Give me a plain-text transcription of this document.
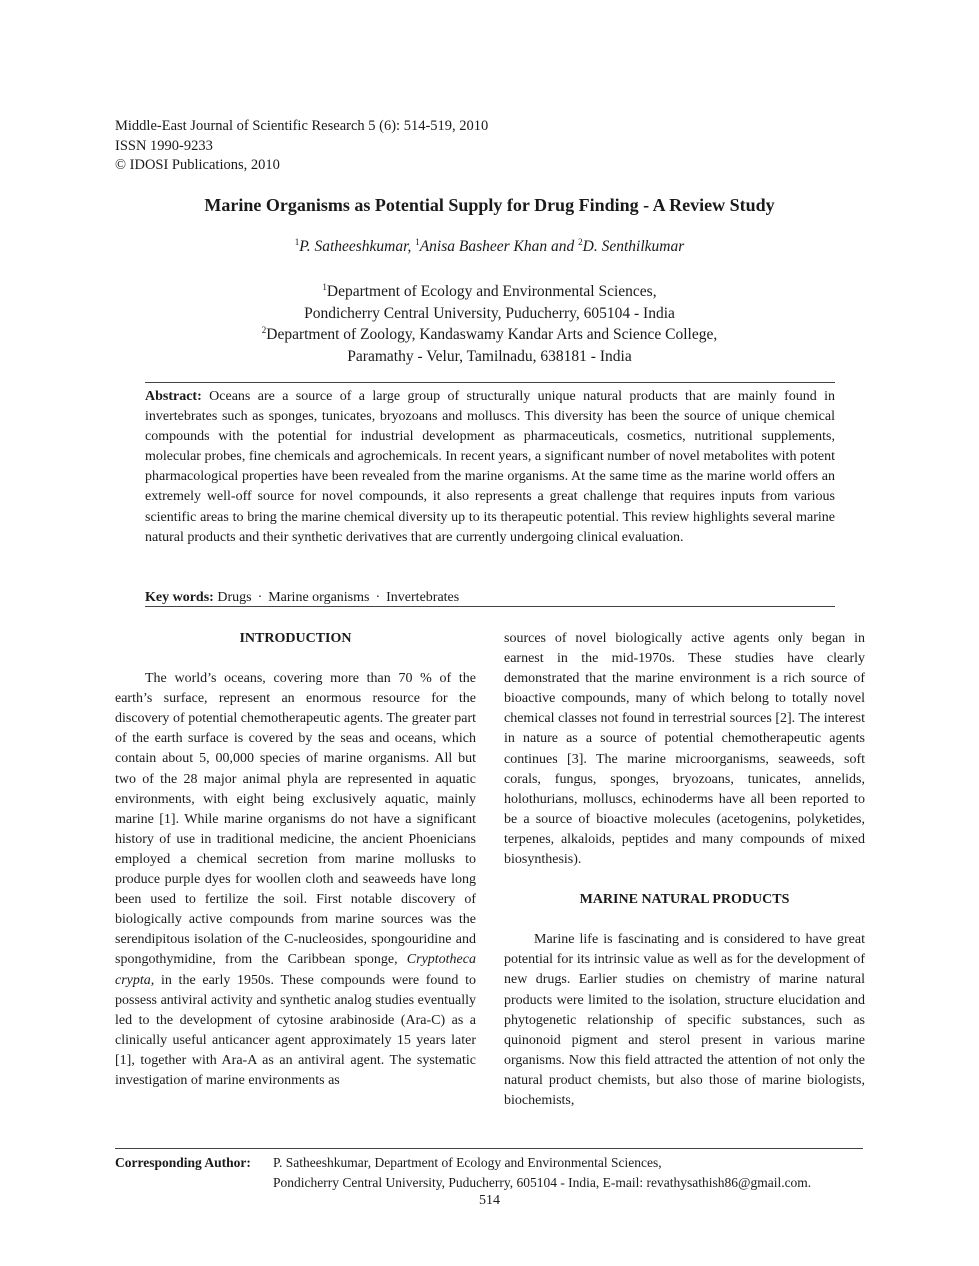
Middle-East Journal of Scientific Research 5 (6): 514-519, 2010
ISSN 1990-9233
© IDOSI Publications, 2010
Marine Organisms as Potential Supply for Drug Finding - A Review Study
$^1$P. Satheeshkumar, $^1$Anisa Basheer Khan and $^2$D. Senthilkumar
$^1$Department of Ecology and Environmental Sciences,
Pondicherry Central University, Puducherry, 605104 - India
$^2$Department of Zoology, Kandaswamy Kandar Arts and Science College,
Paramathy - Velur, Tamilnadu, 638181 - India
Abstract: Oceans are a source of a large group of structurally unique natural products that are mainly found in invertebrates such as sponges, tunicates, bryozoans and molluscs. This diversity has been the source of unique chemical compounds with the potential for industrial development as pharmaceuticals, cosmetics, nutritional supplements, molecular probes, fine chemicals and agrochemicals. In recent years, a significant number of novel metabolites with potent pharmacological properties have been revealed from the marine organisms. At the same time as the marine world offers an extremely well-off source for novel compounds, it also represents a great challenge that requires inputs from various scientific areas to bring the marine chemical diversity up to its therapeutic potential. This review highlights several marine natural products and their synthetic derivatives that are currently undergoing clinical evaluation.
Key words: Drugs · Marine organisms · Invertebrates
INTRODUCTION

The world’s oceans, covering more than 70 % of the earth’s surface, represent an enormous resource for the discovery of potential chemotherapeutic agents. The greater part of the earth surface is covered by the seas and oceans, which contain about 5, 00,000 species of marine organisms. All but two of the 28 major animal phyla are represented in aquatic environments, with eight being exclusively aquatic, mainly marine [1]. While marine organisms do not have a significant history of use in traditional medicine, the ancient Phoenicians employed a chemical secretion from marine mollusks to produce purple dyes for woollen cloth and seaweeds have long been used to fertilize the soil. First notable discovery of biologically active compounds from marine sources was the serendipitous isolation of the C-nucleosides, spongouridine and spongothymidine, from the Caribbean sponge, Cryptotheca crypta, in the early 1950s. These compounds were found to possess antiviral activity and synthetic analog studies eventually led to the development of cytosine arabinoside (Ara-C) as a clinically useful anticancer agent approximately 15 years later [1], together with Ara-A as an antiviral agent. The systematic investigation of marine environments as

sources of novel biologically active agents only began in earnest in the mid-1970s. These studies have clearly demonstrated that the marine environment is a rich source of bioactive compounds, many of which belong to totally novel chemical classes not found in terrestrial sources [2]. The interest in nature as a source of potential chemotherapeutic agents continues [3]. The marine microorganisms, seaweeds, soft corals, fungus, sponges, bryozoans, tunicates, annelids, holothurians, molluscs, echinoderms have all been reported to be a source of bioactive molecules (acetogenins, polyketides, terpenes, alkaloids, peptides and many compounds of mixed biosynthesis).

MARINE NATURAL PRODUCTS

Marine life is fascinating and is considered to have great potential for its intrinsic value as well as for the development of new drugs. Earlier studies on chemistry of marine natural products were limited to the isolation, structure elucidation and phytogenetic relationship of specific substances, such as quinonoid pigment and sterol present in various marine organisms. Now this field attracted the attention of not only the natural product chemists, but also those of marine biologists, biochemists,

Corresponding Author: P. Satheeshkumar, Department of Ecology and Environmental Sciences,
Pondicherry Central University, Puducherry, 605104 - India, E-mail: revathysathish86@gmail.com.
514
